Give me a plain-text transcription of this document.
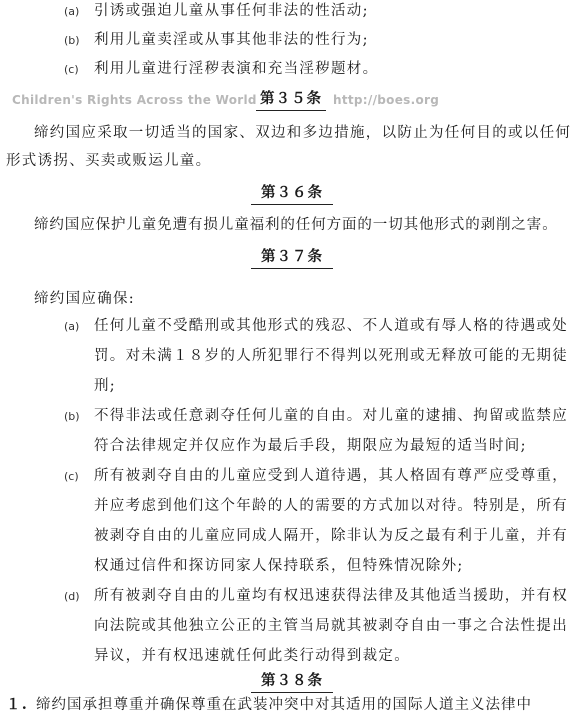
(a) 引诱或强迫儿童从事任何非法的性活动;
(b) 利用儿童卖淫或从事其他非法的性行为;
(c) 利用儿童进行淫秽表演和充当淫秽题材。
Children's Rights Across the World 第３５条 http://boes.org
缔约国应采取一切适当的国家、双边和多边措施，以防止为任何目的或以任何
形式诱拐、买卖或贩运儿童。
第３６条
缔约国应保护儿童免遭有损儿童福利的任何方面的一切其他形式的剥削之害。
第３７条
缔约国应确保:
(a) 任何儿童不受酷刑或其他形式的残忍、不人道或有辱人格的待遇或处
罚。对未满１８岁的人所犯罪行不得判以死刑或无释放可能的无期徒
刑;
(b) 不得非法或任意剥夺任何儿童的自由。对儿童的逮捕、拘留或监禁应
符合法律规定并仅应作为最后手段，期限应为最短的适当时间;
(c) 所有被剥夺自由的儿童应受到人道待遇，其人格固有尊严应受尊重，
并应考虑到他们这个年龄的人的需要的方式加以对待。特别是，所有
被剥夺自由的儿童应同成人隔开，除非认为反之最有利于儿童，并有
权通过信件和探访同家人保持联系，但特殊情况除外;
(d) 所有被剥夺自由的儿童均有权迅速获得法律及其他适当援助，并有权
向法院或其他独立公正的主管当局就其被剥夺自由一事之合法性提出
异议，并有权迅速就任何此类行动得到裁定。
第３８条
１. 缔约国承担尊重并确保尊重在武装冲突中对其适用的国际人道主义法律中
